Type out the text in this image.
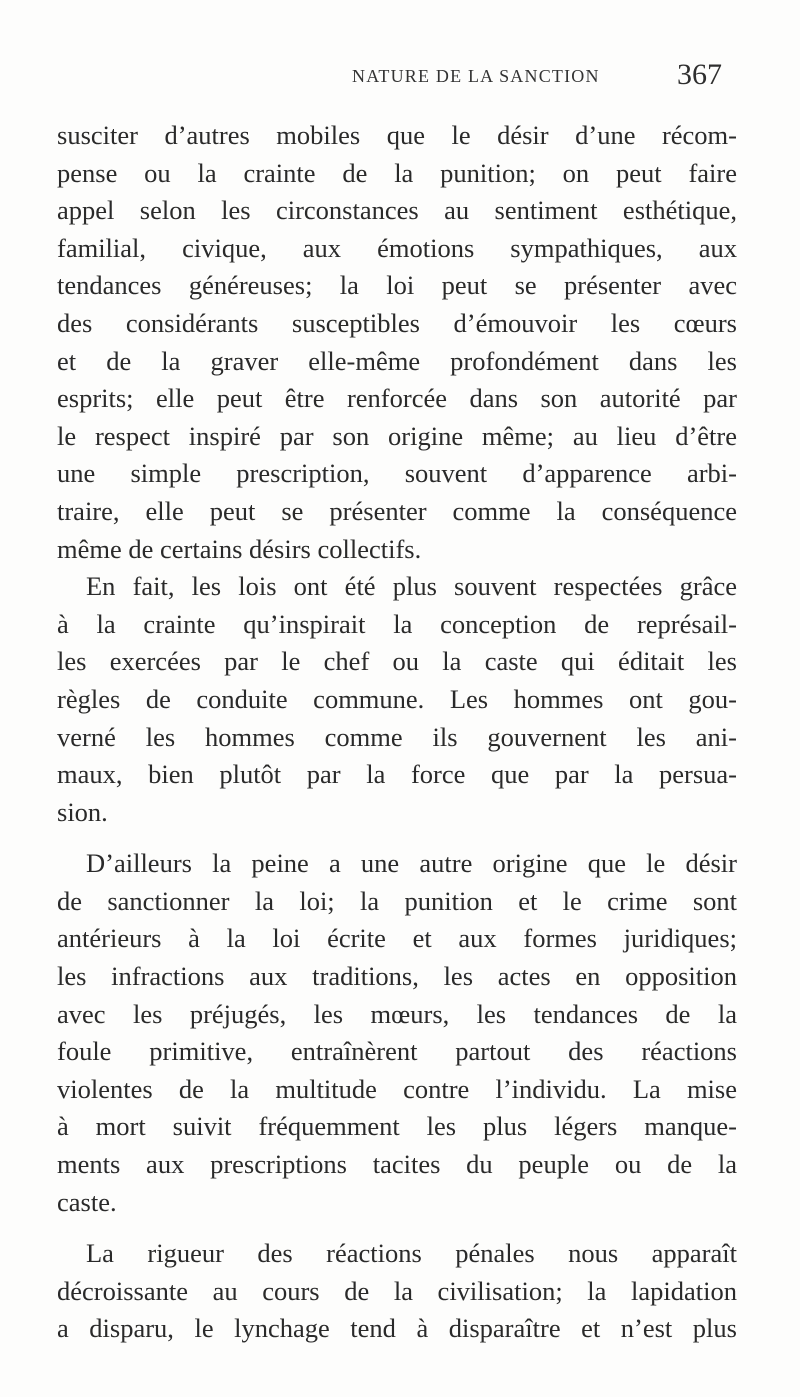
NATURE DE LA SANCTION	367

susciter d’autres mobiles que le désir d’une récom-
pense ou la crainte de la punition; on peut faire
appel selon les circonstances au sentiment esthétique,
familial, civique, aux émotions sympathiques, aux
tendances généreuses; la loi peut se présenter avec
des considérants susceptibles d’émouvoir les cœurs
et de la graver elle-même profondément dans les
esprits; elle peut être renforcée dans son autorité par
le respect inspiré par son origine même; au lieu d’être
une simple prescription, souvent d’apparence arbi-
traire, elle peut se présenter comme la conséquence
même de certains désirs collectifs.

En fait, les lois ont été plus souvent respectées grâce
à la crainte qu’inspirait la conception de représail-
les exercées par le chef ou la caste qui éditait les
règles de conduite commune. Les hommes ont gou-
verné les hommes comme ils gouvernent les ani-
maux, bien plutôt par la force que par la persua-
sion.

D’ailleurs la peine a une autre origine que le désir
de sanctionner la loi; la punition et le crime sont
antérieurs à la loi écrite et aux formes juridiques;
les infractions aux traditions, les actes en opposition
avec les préjugés, les mœurs, les tendances de la
foule primitive, entraînèrent partout des réactions
violentes de la multitude contre l’individu. La mise
à mort suivit fréquemment les plus légers manque-
ments aux prescriptions tacites du peuple ou de la
caste.

La rigueur des réactions pénales nous apparaît
décroissante au cours de la civilisation; la lapidation
a disparu, le lynchage tend à disparaître et n’est plus
